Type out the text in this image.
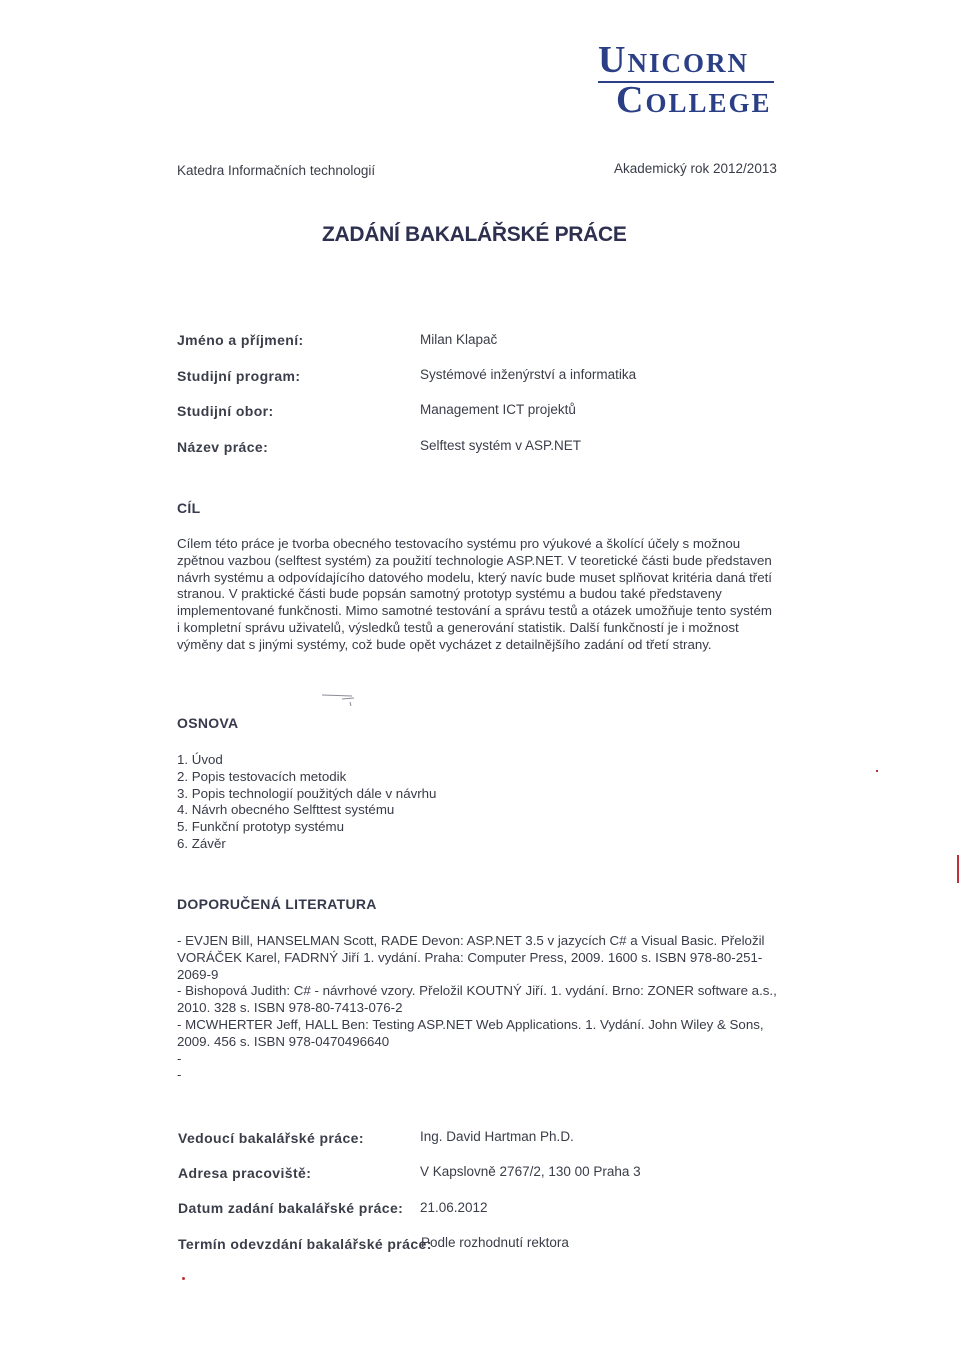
Unicorn
College
Katedra Informačních technologií	Akademický rok 2012/2013
ZADÁNÍ BAKALÁŘSKÉ PRÁCE
Jméno a příjmení:	Milan Klapač
Studijní program:	Systémové inženýrství a informatika
Studijní obor:	Management ICT projektů
Název práce:	Selftest systém v ASP.NET
CÍL
Cílem této práce je tvorba obecného testovacího systému pro výukové a školící účely s možnou zpětnou vazbou (selftest systém) za použití technologie ASP.NET. V teoretické části bude představen návrh systému a odpovídajícího datového modelu, který navíc bude muset splňovat kritéria daná třetí stranou. V praktické části bude popsán samotný prototyp systému a budou také představeny implementované funkčnosti. Mimo samotné testování a správu testů a otázek umožňuje tento systém i kompletní správu uživatelů, výsledků testů a generování statistik. Další funkčností je i možnost výměny dat s jinými systémy, což bude opět vycházet z detailnějšího zadání od třetí strany.
OSNOVA
1. Úvod
2. Popis testovacích metodik
3. Popis technologií použitých dále v návrhu
4. Návrh obecného Selfttest systému
5. Funkční prototyp systému
6. Závěr
DOPORUČENÁ LITERATURA
- EVJEN Bill, HANSELMAN Scott, RADE Devon: ASP.NET 3.5 v jazycích C# a Visual Basic. Přeložil VORÁČEK Karel, FADRNÝ Jiří 1. vydání. Praha: Computer Press, 2009. 1600 s. ISBN 978-80-251-2069-9
- Bishopová Judith: C# - návrhové vzory. Přeložil KOUTNÝ Jiří. 1. vydání. Brno: ZONER software a.s., 2010. 328 s. ISBN 978-80-7413-076-2
- MCWHERTER Jeff, HALL Ben: Testing ASP.NET Web Applications. 1. Vydání. John Wiley & Sons, 2009. 456 s. ISBN 978-0470496640
-
-
Vedoucí bakalářské práce:	Ing. David Hartman Ph.D.
Adresa pracoviště:	V Kapslovně 2767/2, 130 00 Praha 3
Datum zadání bakalářské práce: 21.06.2012
Termín odevzdání bakalářské práce:
Podle rozhodnutí rektora
